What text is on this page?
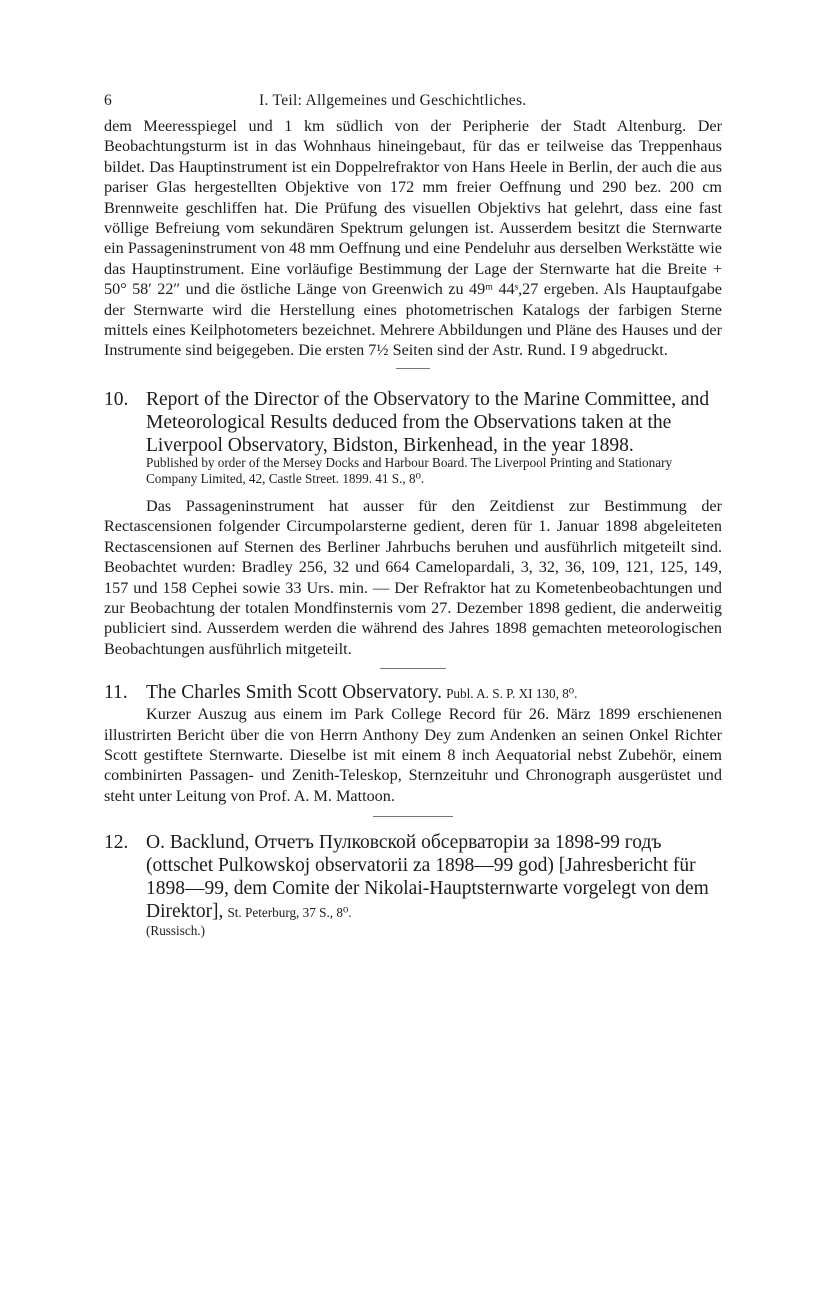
6	I. Teil: Allgemeines und Geschichtliches.

dem Meeresspiegel und 1 km südlich von der Peripherie der Stadt Altenburg. Der Beobachtungsturm ist in das Wohnhaus hineingebaut, für das er teilweise das Treppenhaus bildet. Das Hauptinstrument ist ein Doppelrefraktor von Hans Heele in Berlin, der auch die aus pariser Glas hergestellten Objektive von 172 mm freier Oeffnung und 290 bez. 200 cm Brennweite geschliffen hat. Die Prüfung des visuellen Objektivs hat gelehrt, dass eine fast völlige Befreiung vom sekundären Spektrum gelungen ist. Ausserdem besitzt die Sternwarte ein Passageninstrument von 48 mm Oeffnung und eine Pendeluhr aus derselben Werkstätte wie das Hauptinstrument. Eine vorläufige Bestimmung der Lage der Sternwarte hat die Breite + 50° 58′ 22″ und die östliche Länge von Greenwich zu 49ᵐ 44ˢ,27 ergeben. Als Hauptaufgabe der Sternwarte wird die Herstellung eines photometrischen Katalogs der farbigen Sterne mittels eines Keilphotometers bezeichnet. Mehrere Abbildungen und Pläne des Hauses und der Instrumente sind beigegeben. Die ersten 7½ Seiten sind der Astr. Rund. I 9 abgedruckt.

10. Report of the Director of the Observatory to the Marine Committee, and Meteorological Results deduced from the Observations taken at the Liverpool Observatory, Bidston, Birkenhead, in the year 1898.
Published by order of the Mersey Docks and Harbour Board. The Liverpool Printing and Stationary Company Limited, 42, Castle Street. 1899. 41 S., 8⁰.

Das Passageninstrument hat ausser für den Zeitdienst zur Bestimmung der Rectascensionen folgender Circumpolarsterne gedient, deren für 1. Januar 1898 abgeleiteten Rectascensionen auf Sternen des Berliner Jahrbuchs beruhen und ausführlich mitgeteilt sind. Beobachtet wurden: Bradley 256, 32 und 664 Camelopardali, 3, 32, 36, 109, 121, 125, 149, 157 und 158 Cephei sowie 33 Urs. min. — Der Refraktor hat zu Kometenbeobachtungen und zur Beobachtung der totalen Mondfinsternis vom 27. Dezember 1898 gedient, die anderweitig publiciert sind. Ausserdem werden die während des Jahres 1898 gemachten meteorologischen Beobachtungen ausführlich mitgeteilt.

11. The Charles Smith Scott Observatory. Publ. A. S. P. XI 130, 8⁰.

Kurzer Auszug aus einem im Park College Record für 26. März 1899 erschienenen illustrirten Bericht über die von Herrn Anthony Dey zum Andenken an seinen Onkel Richter Scott gestiftete Sternwarte. Dieselbe ist mit einem 8 inch Aequatorial nebst Zubehör, einem combinirten Passagen- und Zenith-Teleskop, Sternzeituhr und Chronograph ausgerüstet und steht unter Leitung von Prof. A. M. Mattoon.

12. O. Backlund, Отчетъ Пулковской обсерваторіи за 1898-99 годъ (ottschet Pulkowskoj observatorii za 1898—99 god) [Jahresbericht für 1898—99, dem Comite der Nikolai-Hauptsternwarte vorgelegt von dem Direktor], St. Peterburg, 37 S., 8⁰.
(Russisch.)
